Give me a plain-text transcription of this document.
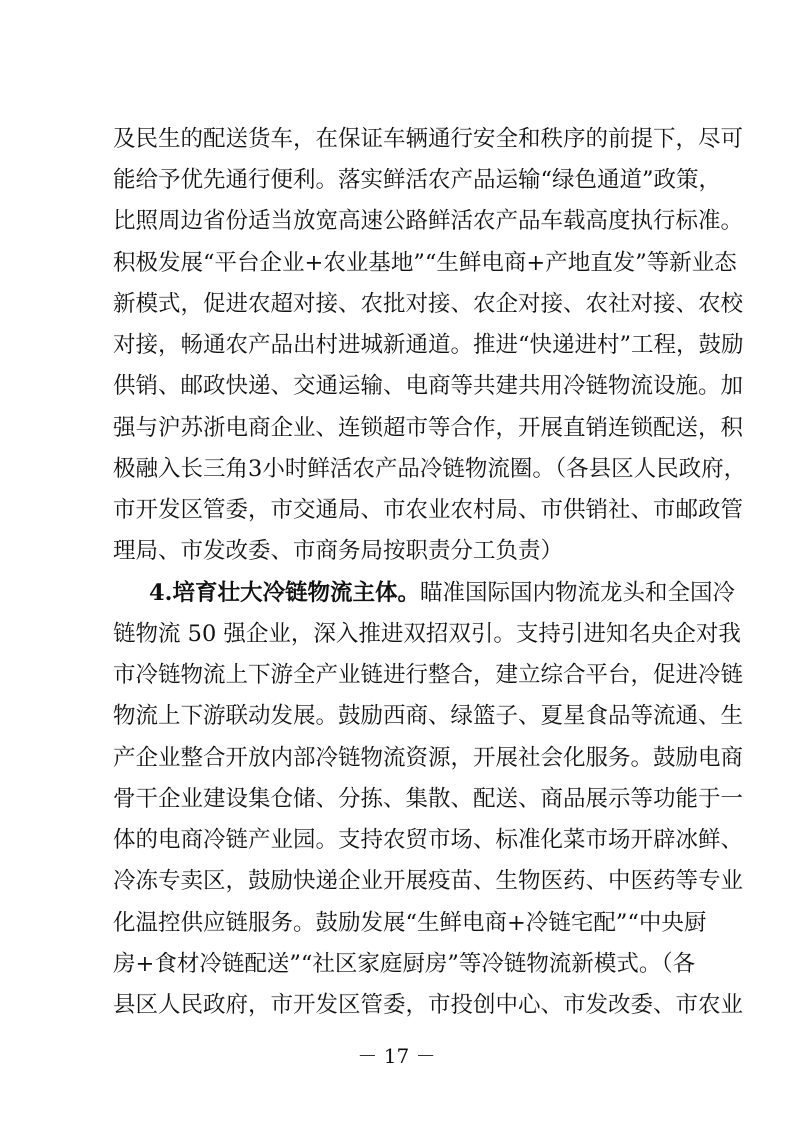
及民生的配送货车，在保证车辆通行安全和秩序的前提下，尽可
能给予优先通行便利。落实鲜活农产品运输“绿色通道”政策，
比照周边省份适当放宽高速公路鲜活农产品车载高度执行标准。
积极发展“平台企业+农业基地”“生鲜电商+产地直发”等新业态
新模式，促进农超对接、农批对接、农企对接、农社对接、农校
对接，畅通农产品出村进城新通道。推进“快递进村”工程，鼓励
供销、邮政快递、交通运输、电商等共建共用冷链物流设施。加
强与沪苏浙电商企业、连锁超市等合作，开展直销连锁配送，积
极融入长三角3小时鲜活农产品冷链物流圈。（各县区人民政府，
市开发区管委，市交通局、市农业农村局、市供销社、市邮政管
理局、市发改委、市商务局按职责分工负责）
4.培育壮大冷链物流主体。瞄准国际国内物流龙头和全国冷
链物流 50 强企业，深入推进双招双引。支持引进知名央企对我
市冷链物流上下游全产业链进行整合，建立综合平台，促进冷链
物流上下游联动发展。鼓励西商、绿篮子、夏星食品等流通、生
产企业整合开放内部冷链物流资源，开展社会化服务。鼓励电商
骨干企业建设集仓储、分拣、集散、配送、商品展示等功能于一
体的电商冷链产业园。支持农贸市场、标准化菜市场开辟冰鲜、
冷冻专卖区，鼓励快递企业开展疫苗、生物医药、中医药等专业
化温控供应链服务。鼓励发展“生鲜电商+冷链宅配”“中央厨
房+食材冷链配送”“社区家庭厨房”等冷链物流新模式。（各
县区人民政府，市开发区管委，市投创中心、市发改委、市农业
－ 17 －
